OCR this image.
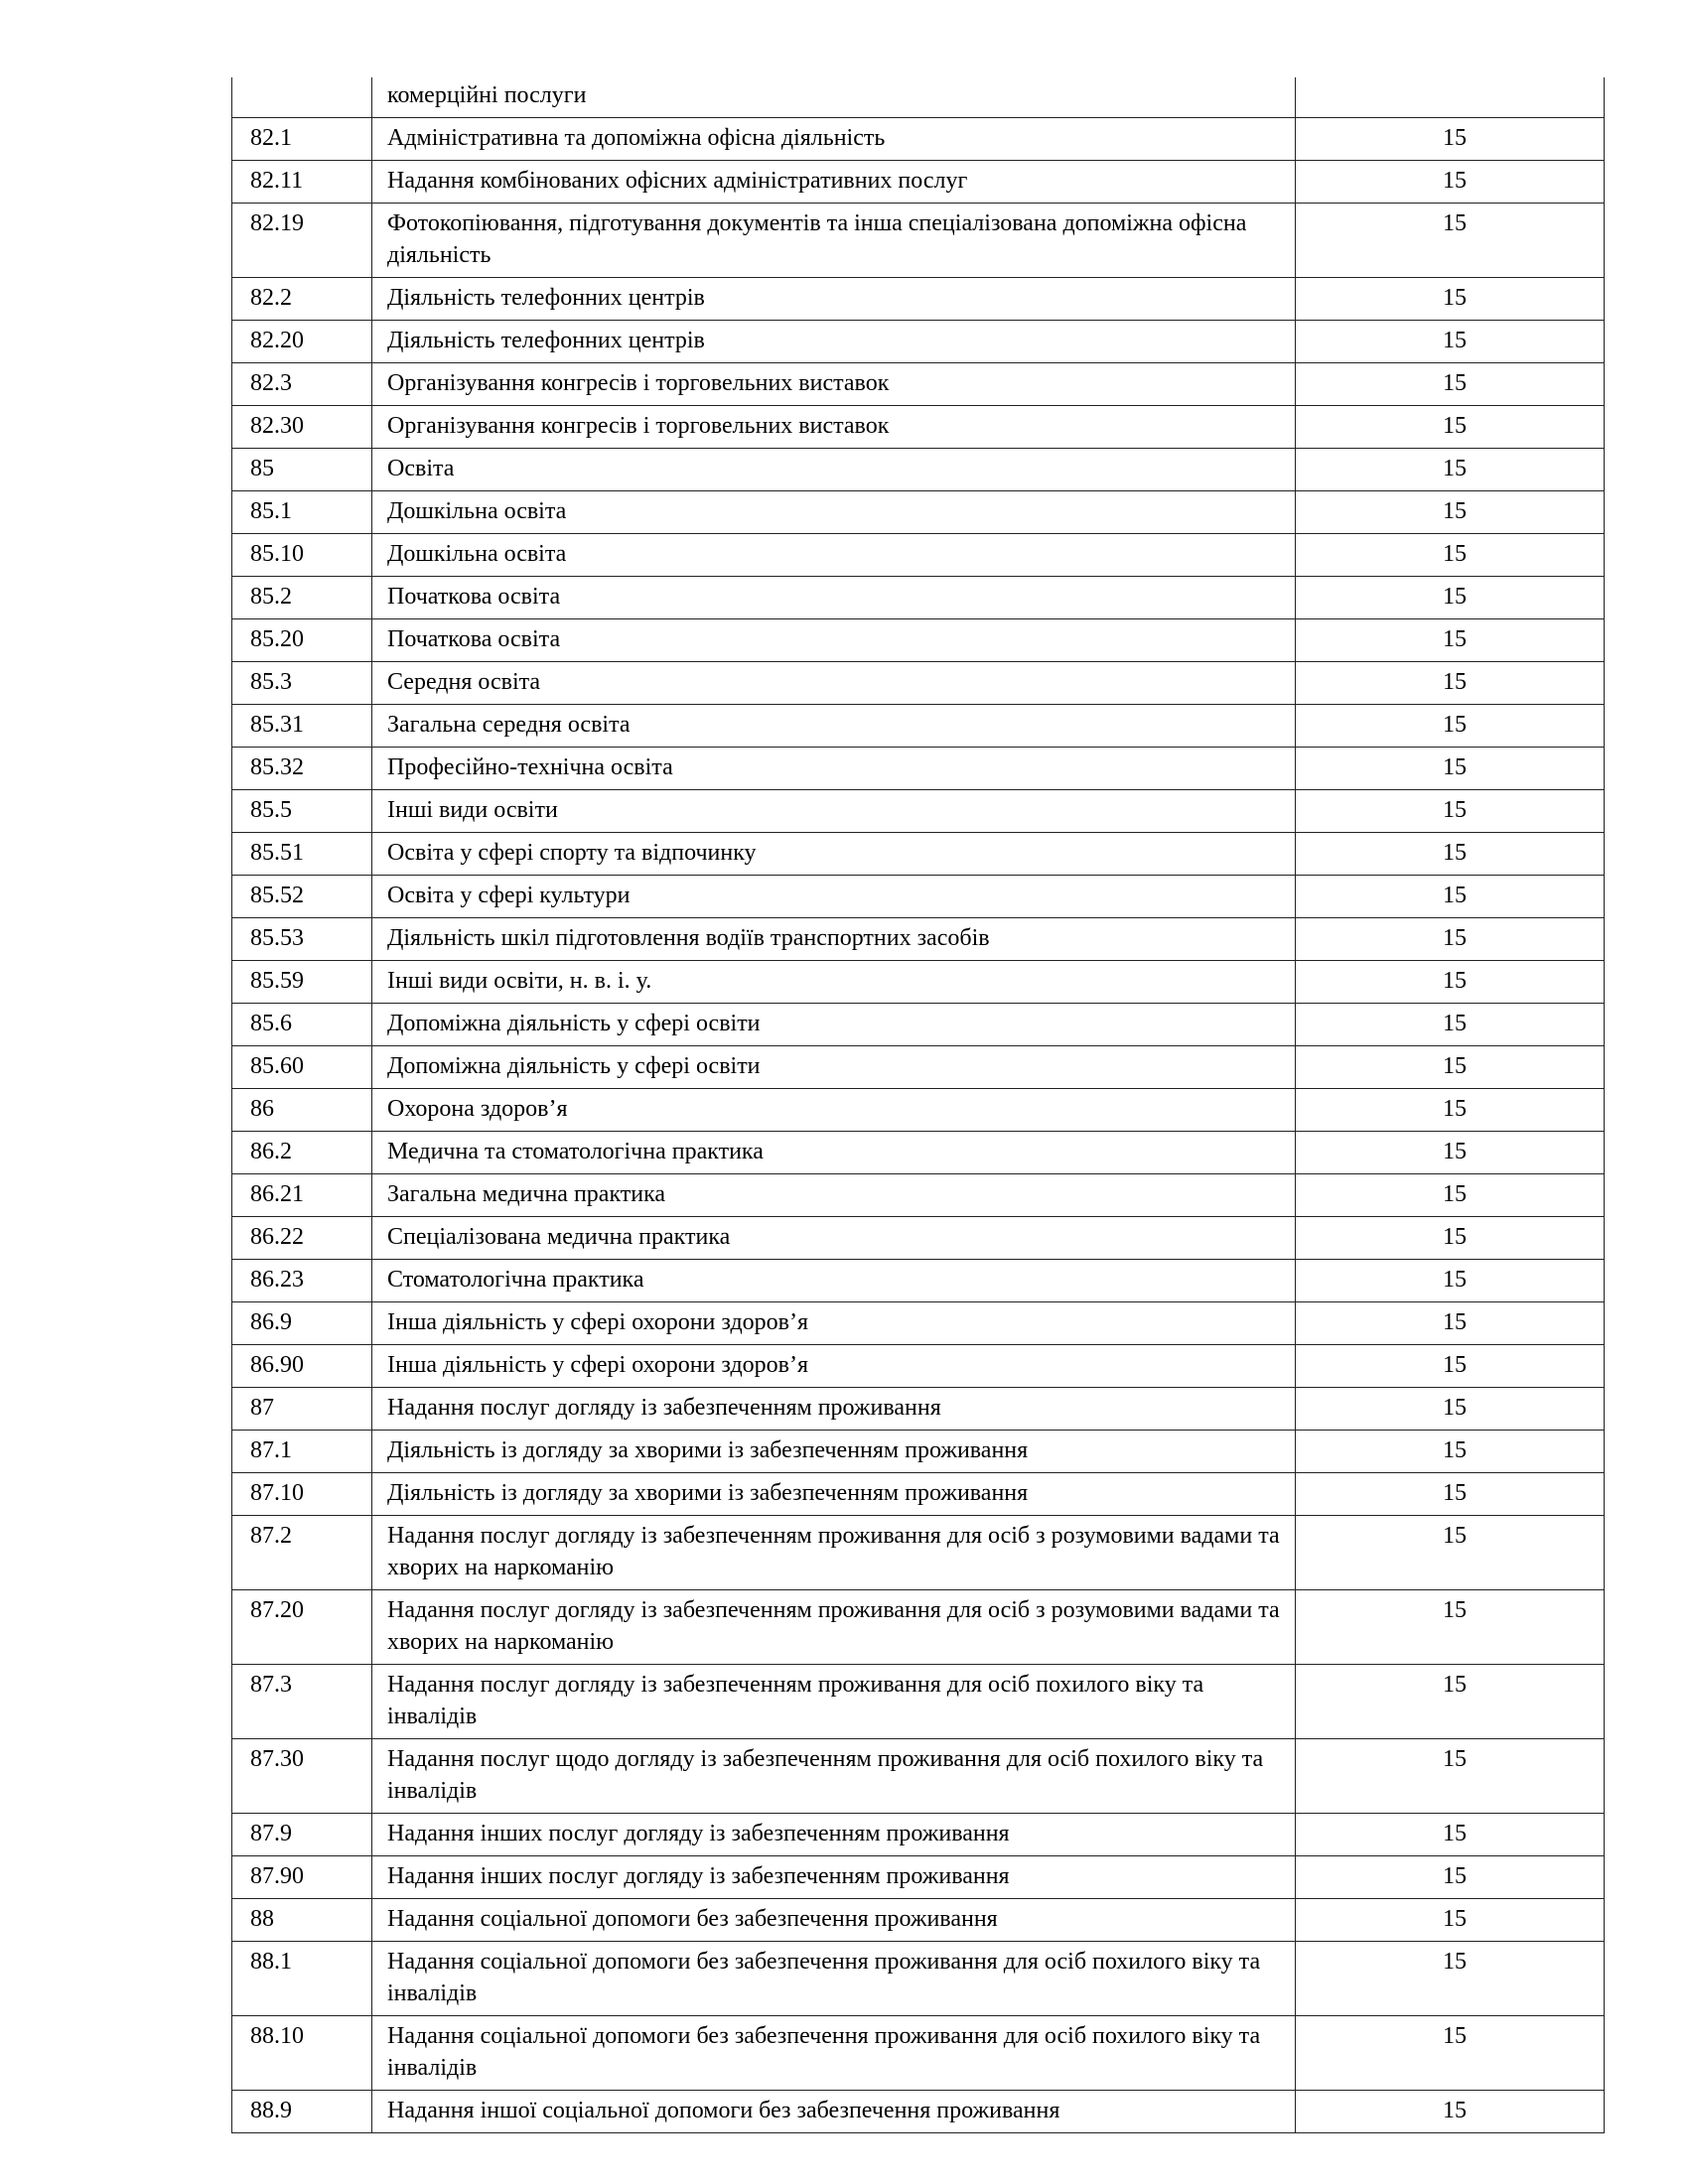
	комерційні послуги	
82.1	Адміністративна та допоміжна офісна діяльність	15
82.11	Надання комбінованих офісних адміністративних послуг	15
82.19	Фотокопіювання, підготування документів та інша спеціалізована допоміжна офісна діяльність	15
82.2	Діяльність телефонних центрів	15
82.20	Діяльність телефонних центрів	15
82.3	Організування конгресів і торговельних виставок	15
82.30	Організування конгресів і торговельних виставок	15
85	Освіта	15
85.1	Дошкільна освіта	15
85.10	Дошкільна освіта	15
85.2	Початкова освіта	15
85.20	Початкова освіта	15
85.3	Середня освіта	15
85.31	Загальна середня освіта	15
85.32	Професійно-технічна освіта	15
85.5	Інші види освіти	15
85.51	Освіта у сфері спорту та відпочинку	15
85.52	Освіта у сфері культури	15
85.53	Діяльність шкіл підготовлення водіїв транспортних засобів	15
85.59	Інші види освіти, н. в. і. у.	15
85.6	Допоміжна діяльність у сфері освіти	15
85.60	Допоміжна діяльність у сфері освіти	15
86	Охорона здоров’я	15
86.2	Медична та стоматологічна практика	15
86.21	Загальна медична практика	15
86.22	Спеціалізована медична практика	15
86.23	Стоматологічна практика	15
86.9	Інша діяльність у сфері охорони здоров’я	15
86.90	Інша діяльність у сфері охорони здоров’я	15
87	Надання послуг догляду із забезпеченням проживання	15
87.1	Діяльність із догляду за хворими із забезпеченням проживання	15
87.10	Діяльність із догляду за хворими із забезпеченням проживання	15
87.2	Надання послуг догляду із забезпеченням проживання для осіб з розумовими вадами та хворих на наркоманію	15
87.20	Надання послуг догляду із забезпеченням проживання для осіб з розумовими вадами та хворих на наркоманію	15
87.3	Надання послуг догляду із забезпеченням проживання для осіб похилого віку та інвалідів	15
87.30	Надання послуг щодо догляду із забезпеченням проживання для осіб похилого віку та інвалідів	15
87.9	Надання інших послуг догляду із забезпеченням проживання	15
87.90	Надання інших послуг догляду із забезпеченням проживання	15
88	Надання соціальної допомоги без забезпечення проживання	15
88.1	Надання соціальної допомоги без забезпечення проживання для осіб похилого віку та інвалідів	15
88.10	Надання соціальної допомоги без забезпечення проживання для осіб похилого віку та інвалідів	15
88.9	Надання іншої соціальної допомоги без забезпечення проживання	15
